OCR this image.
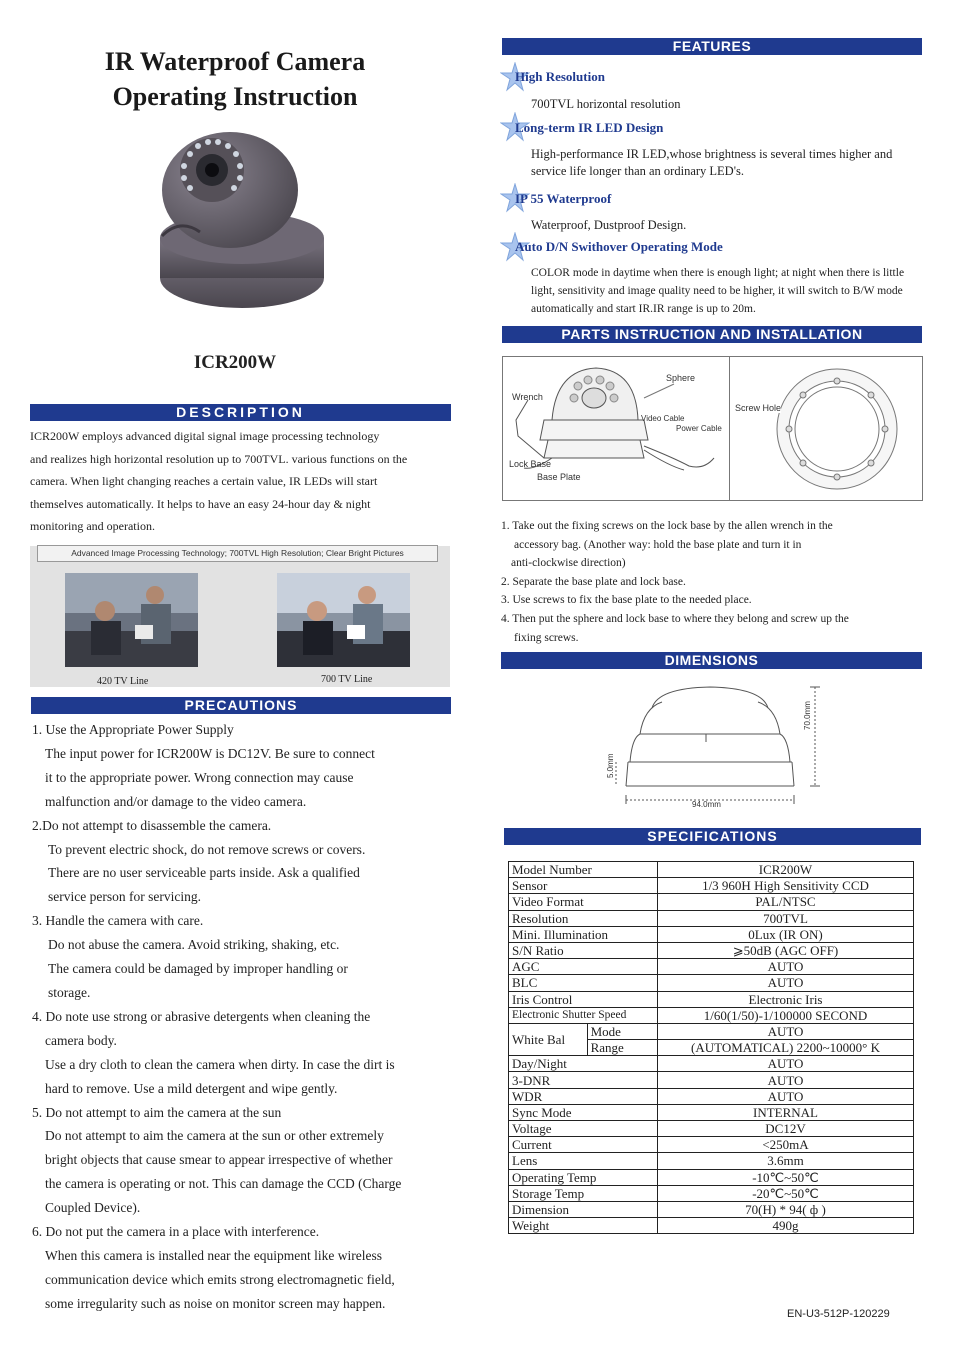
IR Waterproof Camera
Operating Instruction
ICR200W
DESCRIPTION
ICR200W employs advanced digital signal image processing technology
and realizes high horizontal resolution up to 700TVL. various functions on the
camera. When light changing reaches a certain value, IR LEDs will start
themselves automatically. It helps to have an easy 24-hour day & night
monitoring and operation.
Advanced Image Processing Technology; 700TVL High Resolution; Clear Bright Pictures
420 TV Line	700 TV Line
PRECAUTIONS
1. Use the Appropriate Power Supply
The input power for ICR200W is DC12V. Be sure to connect
it to the appropriate power. Wrong connection may cause
malfunction and/or damage to the video camera.
2.Do not attempt to disassemble the camera.
To prevent electric shock, do not remove screws or covers.
There are no user serviceable parts inside. Ask a qualified
service person for servicing.
3. Handle the camera with care.
Do not abuse the camera. Avoid striking, shaking, etc.
The camera could be damaged by improper handling or
storage.
4. Do note use strong or abrasive detergents when cleaning the
camera body.
Use a dry cloth to clean the camera when dirty. In case the dirt is
hard to remove. Use a mild detergent and wipe gently.
5. Do not attempt to aim the camera at the sun
Do not attempt to aim the camera at the sun or other extremely
bright objects that cause smear to appear irrespective of whether
the camera is operating or not. This can damage the CCD (Charge
Coupled Device).
6. Do not put the camera in a place with interference.
When this camera is installed near the equipment like wireless
communication device which emits strong electromagnetic field,
some irregularity such as noise on monitor screen may happen.
FEATURES
High Resolution
700TVL horizontal resolution
Long-term IR LED Design
High-performance IR LED,whose brightness is several times higher and service life longer than an ordinary LED's.
IP 55 Waterproof
Waterproof, Dustproof Design.
Auto D/N Swithover Operating Mode
COLOR mode in daytime when there is enough light; at night when there is little light, sensitivity and image quality need to be higher, it will switch to B/W mode automatically and start IR.IR range is up to 20m.
PARTS INSTRUCTION AND INSTALLATION
Sphere
Wrench
Video Cable
Power Cable
Lock Base
Base Plate
Screw Hole
1. Take out the fixing screws on the lock base by the allen wrench in the
accessory bag. (Another way: hold the base plate and turn it in
anti-clockwise direction)
2. Separate the base plate and lock base.
3. Use screws to fix the base plate to the needed place.
4. Then put the sphere and lock base to where they belong and screw up the
fixing screws.
DIMENSIONS
70.0mm
94.0mm
5.0mm
SPECIFICATIONS
Model Number		ICR200W
Sensor		1/3 960H High Sensitivity CCD
Video Format		PAL/NTSC
Resolution		700TVL
Mini. Illumination		0Lux (IR ON)
S/N Ratio		⩾50dB (AGC OFF)
AGC		AUTO
BLC		AUTO
Iris Control		Electronic Iris
Electronic Shutter Speed		1/60(1/50)-1/100000 SECOND
White Bal	Mode	AUTO
	Range	(AUTOMATICAL) 2200~10000° K
Day/Night		AUTO
3-DNR		AUTO
WDR		AUTO
Sync Mode		INTERNAL
Voltage		DC12V
Current		<250mA
Lens		3.6mm
Operating Temp		-10℃~50℃
Storage Temp		-20℃~50℃
Dimension		70(H) * 94( ф )
Weight		490g
EN-U3-512P-120229
